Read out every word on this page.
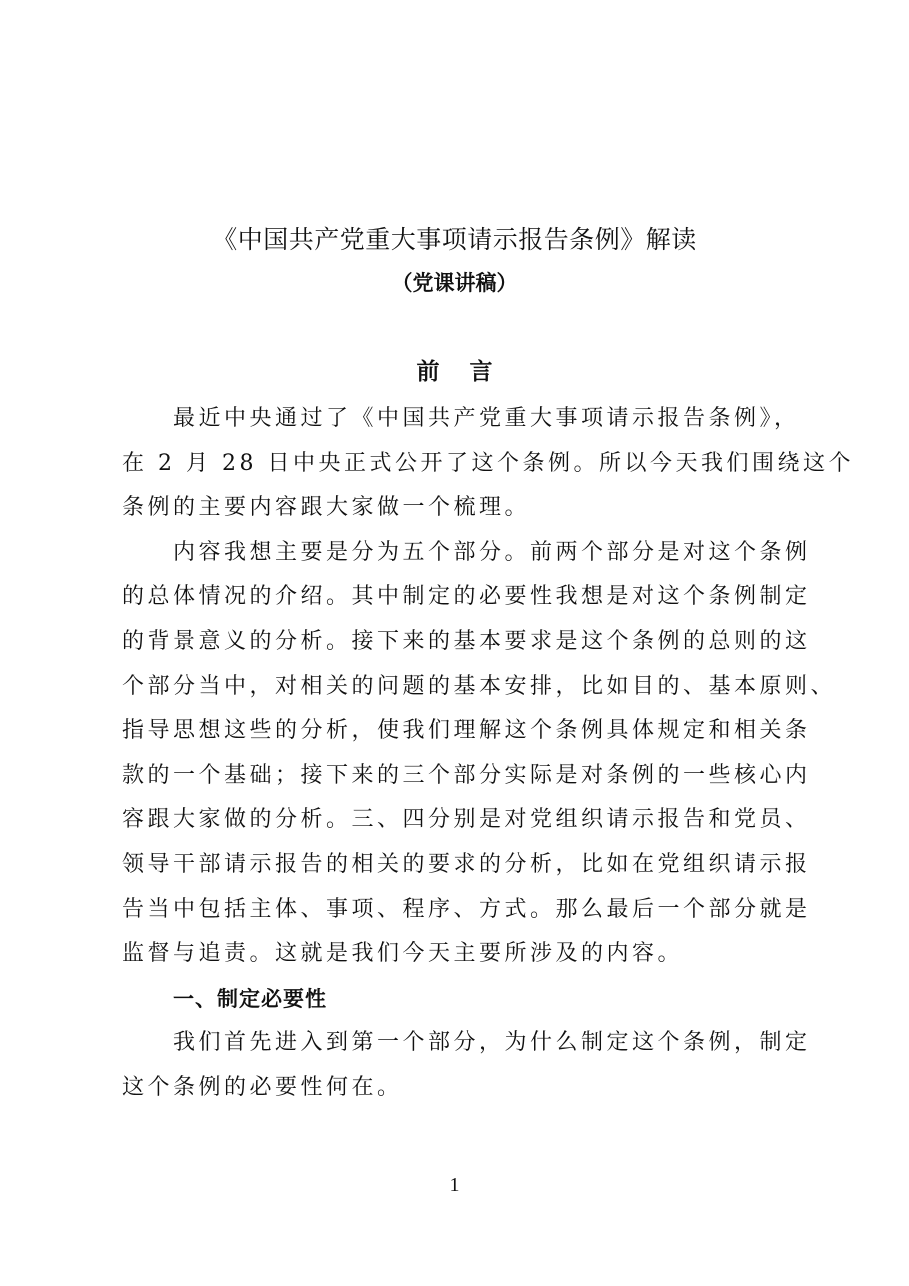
《中国共产党重大事项请示报告条例》解读
（党课讲稿）
前言

最近中央通过了《中国共产党重大事项请示报告条例》，
在 2 月 28 日中央正式公开了这个条例。所以今天我们围绕这个
条例的主要内容跟大家做一个梳理。

内容我想主要是分为五个部分。前两个部分是对这个条例
的总体情况的介绍。其中制定的必要性我想是对这个条例制定
的背景意义的分析。接下来的基本要求是这个条例的总则的这
个部分当中，对相关的问题的基本安排，比如目的、基本原则、
指导思想这些的分析，使我们理解这个条例具体规定和相关条
款的一个基础；接下来的三个部分实际是对条例的一些核心内
容跟大家做的分析。三、四分别是对党组织请示报告和党员、
领导干部请示报告的相关的要求的分析，比如在党组织请示报
告当中包括主体、事项、程序、方式。那么最后一个部分就是
监督与追责。这就是我们今天主要所涉及的内容。

一、制定必要性

我们首先进入到第一个部分，为什么制定这个条例，制定
这个条例的必要性何在。

1
